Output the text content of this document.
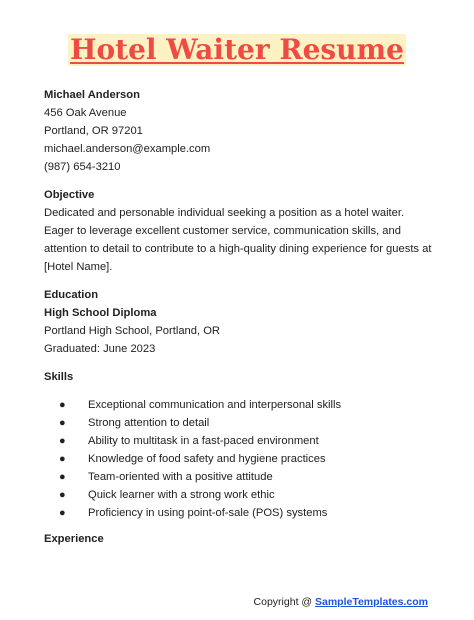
Hotel Waiter Resume
Michael Anderson
456 Oak Avenue
Portland, OR 97201
michael.anderson@example.com
(987) 654-3210
Objective
Dedicated and personable individual seeking a position as a hotel waiter. Eager to leverage excellent customer service, communication skills, and attention to detail to contribute to a high-quality dining experience for guests at [Hotel Name].
Education
High School Diploma
Portland High School, Portland, OR
Graduated: June 2023
Skills
● Exceptional communication and interpersonal skills
● Strong attention to detail
● Ability to multitask in a fast-paced environment
● Knowledge of food safety and hygiene practices
● Team-oriented with a positive attitude
● Quick learner with a strong work ethic
● Proficiency in using point-of-sale (POS) systems
Experience
Copyright @ SampleTemplates.com
